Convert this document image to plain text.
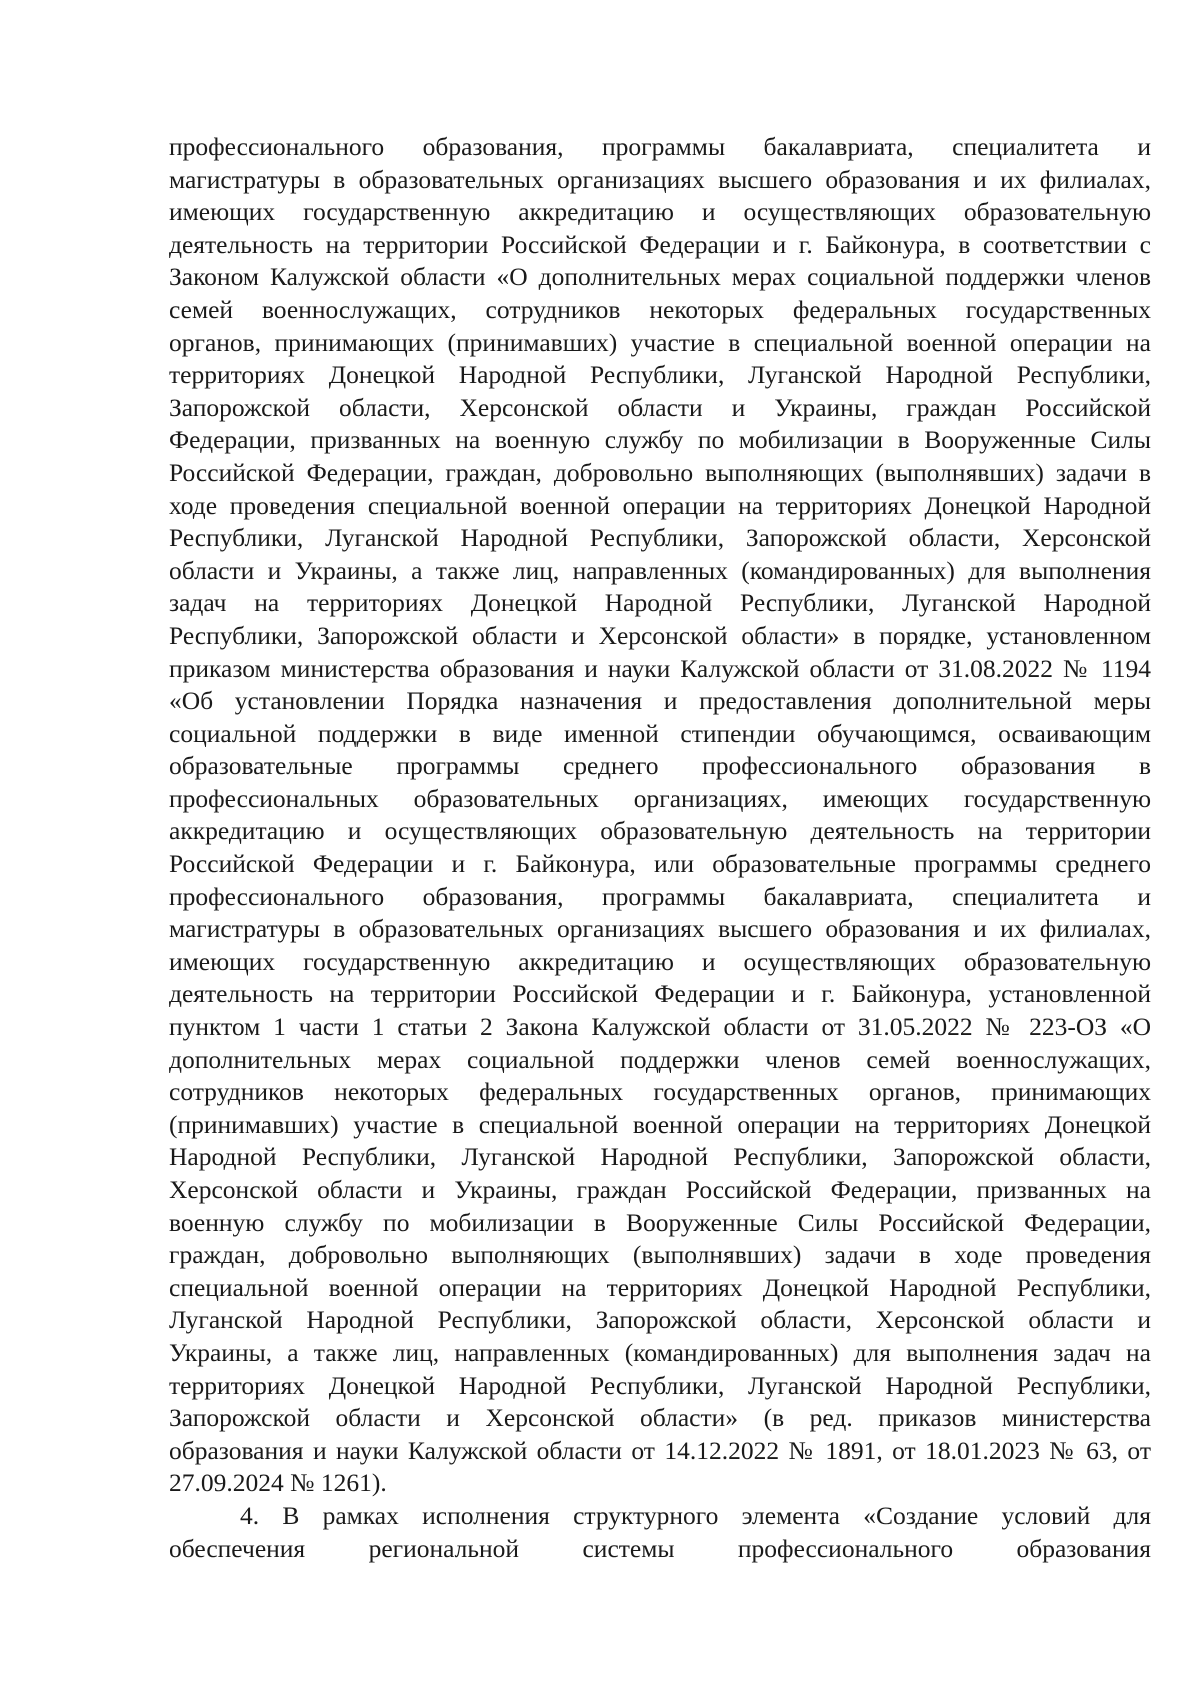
профессионального образования, программы бакалавриата, специалитета и
магистратуры в образовательных организациях высшего образования и их филиалах,
имеющих государственную аккредитацию и осуществляющих образовательную
деятельность на территории Российской Федерации и г. Байконура, в соответствии с
Законом Калужской области «О дополнительных мерах социальной поддержки членов
семей военнослужащих, сотрудников некоторых федеральных государственных
органов, принимающих (принимавших) участие в специальной военной операции на
территориях Донецкой Народной Республики, Луганской Народной Республики,
Запорожской области, Херсонской области и Украины, граждан Российской
Федерации, призванных на военную службу по мобилизации в Вооруженные Силы
Российской Федерации, граждан, добровольно выполняющих (выполнявших) задачи в
ходе проведения специальной военной операции на территориях Донецкой Народной
Республики, Луганской Народной Республики, Запорожской области, Херсонской
области и Украины, а также лиц, направленных (командированных) для выполнения
задач на территориях Донецкой Народной Республики, Луганской Народной
Республики, Запорожской области и Херсонской области» в порядке, установленном
приказом министерства образования и науки Калужской области от 31.08.2022 № 1194
«Об установлении Порядка назначения и предоставления дополнительной меры
социальной поддержки в виде именной стипендии обучающимся, осваивающим
образовательные программы среднего профессионального образования в
профессиональных образовательных организациях, имеющих государственную
аккредитацию и осуществляющих образовательную деятельность на территории
Российской Федерации и г. Байконура, или образовательные программы среднего
профессионального образования, программы бакалавриата, специалитета и
магистратуры в образовательных организациях высшего образования и их филиалах,
имеющих государственную аккредитацию и осуществляющих образовательную
деятельность на территории Российской Федерации и г. Байконура, установленной
пунктом 1 части 1 статьи 2 Закона Калужской области от 31.05.2022 № 223-ОЗ «О
дополнительных мерах социальной поддержки членов семей военнослужащих,
сотрудников некоторых федеральных государственных органов, принимающих
(принимавших) участие в специальной военной операции на территориях Донецкой
Народной Республики, Луганской Народной Республики, Запорожской области,
Херсонской области и Украины, граждан Российской Федерации, призванных на
военную службу по мобилизации в Вооруженные Силы Российской Федерации,
граждан, добровольно выполняющих (выполнявших) задачи в ходе проведения
специальной военной операции на территориях Донецкой Народной Республики,
Луганской Народной Республики, Запорожской области, Херсонской области и
Украины, а также лиц, направленных (командированных) для выполнения задач на
территориях Донецкой Народной Республики, Луганской Народной Республики,
Запорожской области и Херсонской области» (в ред. приказов министерства
образования и науки Калужской области от 14.12.2022 № 1891, от 18.01.2023 № 63, от
27.09.2024 № 1261).
4. В рамках исполнения структурного элемента «Создание условий для
обеспечения региональной системы профессионального образования
